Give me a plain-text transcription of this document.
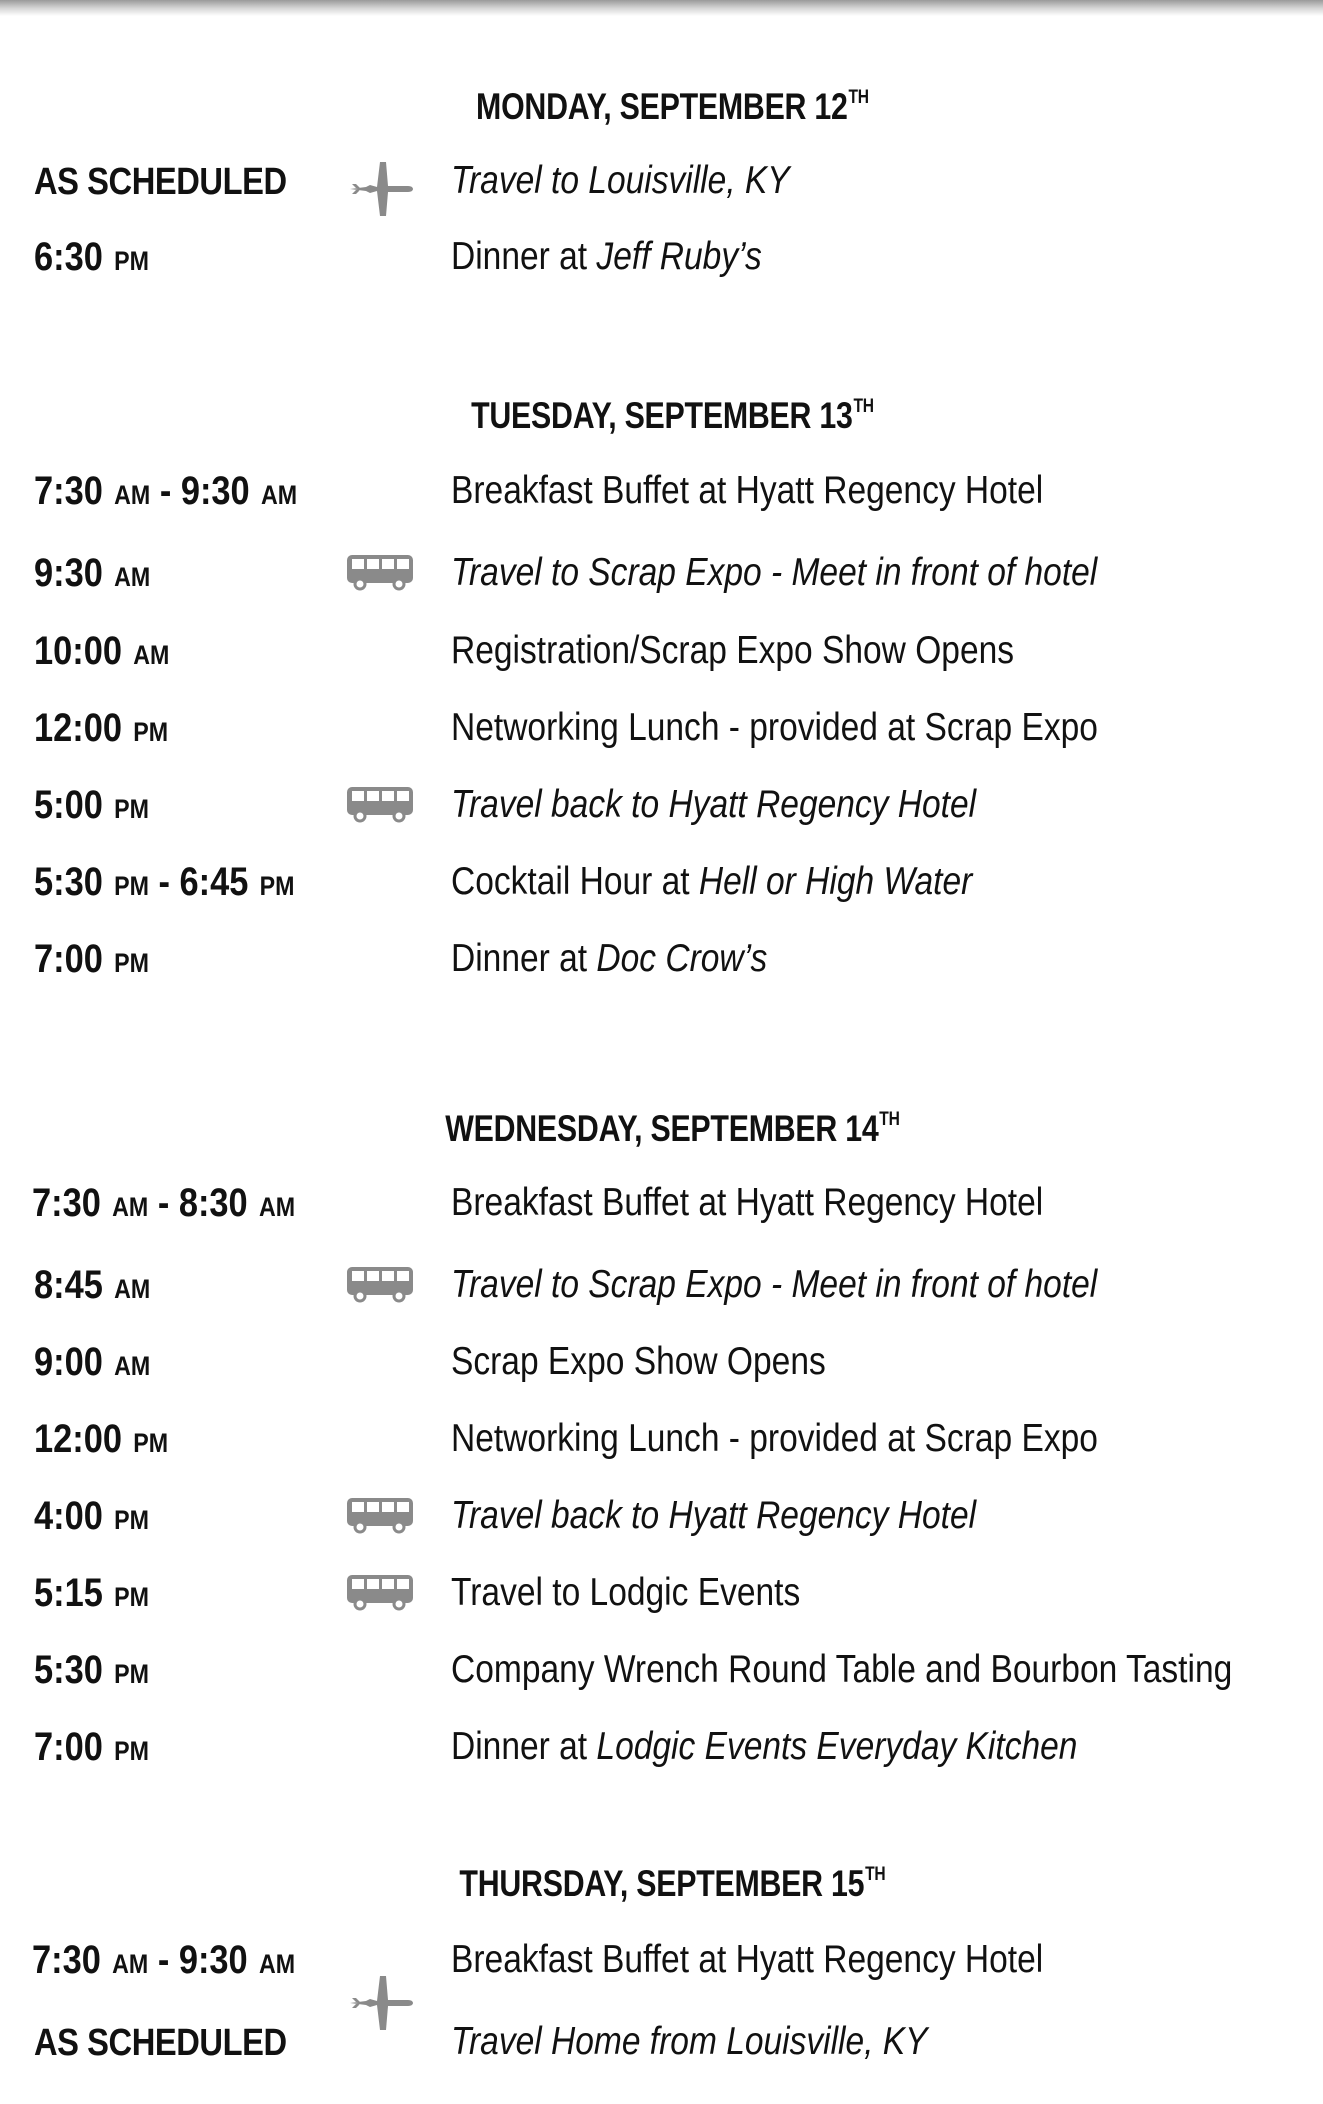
MONDAY, SEPTEMBER 12TH
AS SCHEDULED	Travel to Louisville, KY
6:30 PM	Dinner at Jeff Ruby’s
TUESDAY, SEPTEMBER 13TH
7:30 AM - 9:30 AM	Breakfast Buffet at Hyatt Regency Hotel
9:30 AM	Travel to Scrap Expo - Meet in front of hotel
10:00 AM	Registration/Scrap Expo Show Opens
12:00 PM	Networking Lunch - provided at Scrap Expo
5:00 PM	Travel back to Hyatt Regency Hotel
5:30 PM - 6:45 PM	Cocktail Hour at Hell or High Water
7:00 PM	Dinner at Doc Crow’s
WEDNESDAY, SEPTEMBER 14TH
7:30 AM - 8:30 AM	Breakfast Buffet at Hyatt Regency Hotel
8:45 AM	Travel to Scrap Expo - Meet in front of hotel
9:00 AM	Scrap Expo Show Opens
12:00 PM	Networking Lunch - provided at Scrap Expo
4:00 PM	Travel back to Hyatt Regency Hotel
5:15 PM	Travel to Lodgic Events
5:30 PM	Company Wrench Round Table and Bourbon Tasting
7:00 PM	Dinner at Lodgic Events Everyday Kitchen
THURSDAY, SEPTEMBER 15TH
7:30 AM - 9:30 AM	Breakfast Buffet at Hyatt Regency Hotel
AS SCHEDULED	Travel Home from Louisville, KY
